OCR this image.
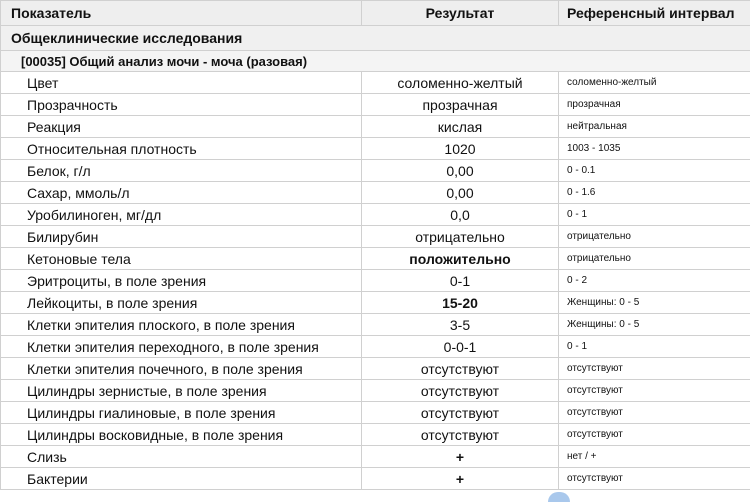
Показатель	Результат	Референсный интервал
Общеклинические исследования		
[00035] Общий анализ мочи - моча (разовая)		
Цвет	соломенно-желтый	соломенно-желтый
Прозрачность	прозрачная	прозрачная
Реакция	кислая	нейтральная
Относительная плотность	1020	1003 - 1035
Белок, г/л	0,00	0 - 0.1
Сахар, ммоль/л	0,00	0 - 1.6
Уробилиноген, мг/дл	0,0	0 - 1
Билирубин	отрицательно	отрицательно
Кетоновые тела	положительно	отрицательно
Эритроциты, в поле зрения	0-1	0 - 2
Лейкоциты, в поле зрения	15-20	Женщины: 0 - 5
Клетки эпителия плоского, в поле зрения	3-5	Женщины: 0 - 5
Клетки эпителия переходного, в поле зрения	0-0-1	0 - 1
Клетки эпителия почечного, в поле зрения	отсутствуют	отсутствуют
Цилиндры зернистые, в поле зрения	отсутствуют	отсутствуют
Цилиндры гиалиновые, в поле зрения	отсутствуют	отсутствуют
Цилиндры восковидные, в поле зрения	отсутствуют	отсутствуют
Слизь	+	нет / +
Бактерии	+	отсутствуют
